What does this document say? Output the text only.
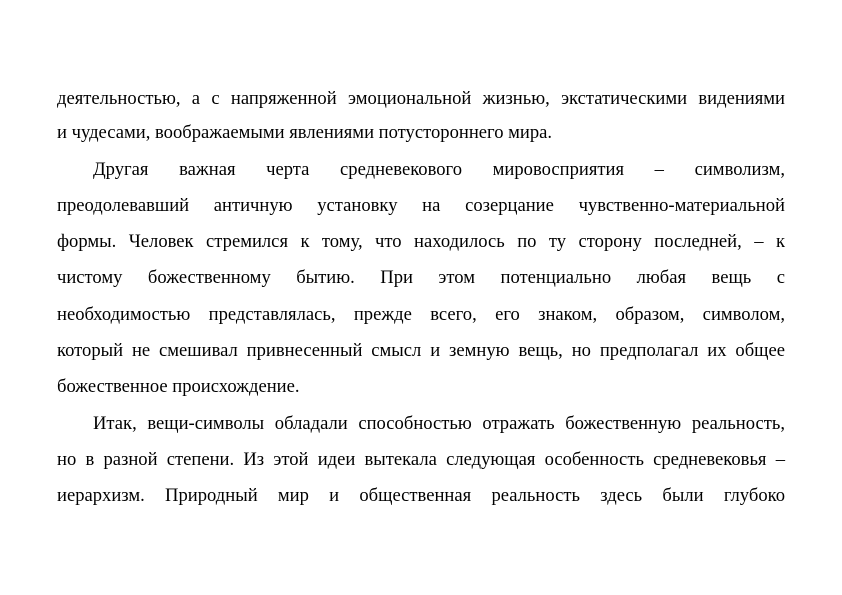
деятельностью, а с напряженной эмоциональной жизнью, экстатическими видениями
и чудесами, воображаемыми явлениями потустороннего мира.
Другая важная черта средневекового мировосприятия – символизм,
преодолевавший античную установку на созерцание чувственно-материальной
формы. Человек стремился к тому, что находилось по ту сторону последней, – к
чистому божественному бытию. При этом потенциально любая вещь с
необходимостью представлялась, прежде всего, его знаком, образом, символом,
который не смешивал привнесенный смысл и земную вещь, но предполагал их общее
божественное происхождение.
Итак, вещи-символы обладали способностью отражать божественную реальность,
но в разной степени. Из этой идеи вытекала следующая особенность средневековья –
иерархизм. Природный мир и общественная реальность здесь были глубоко
